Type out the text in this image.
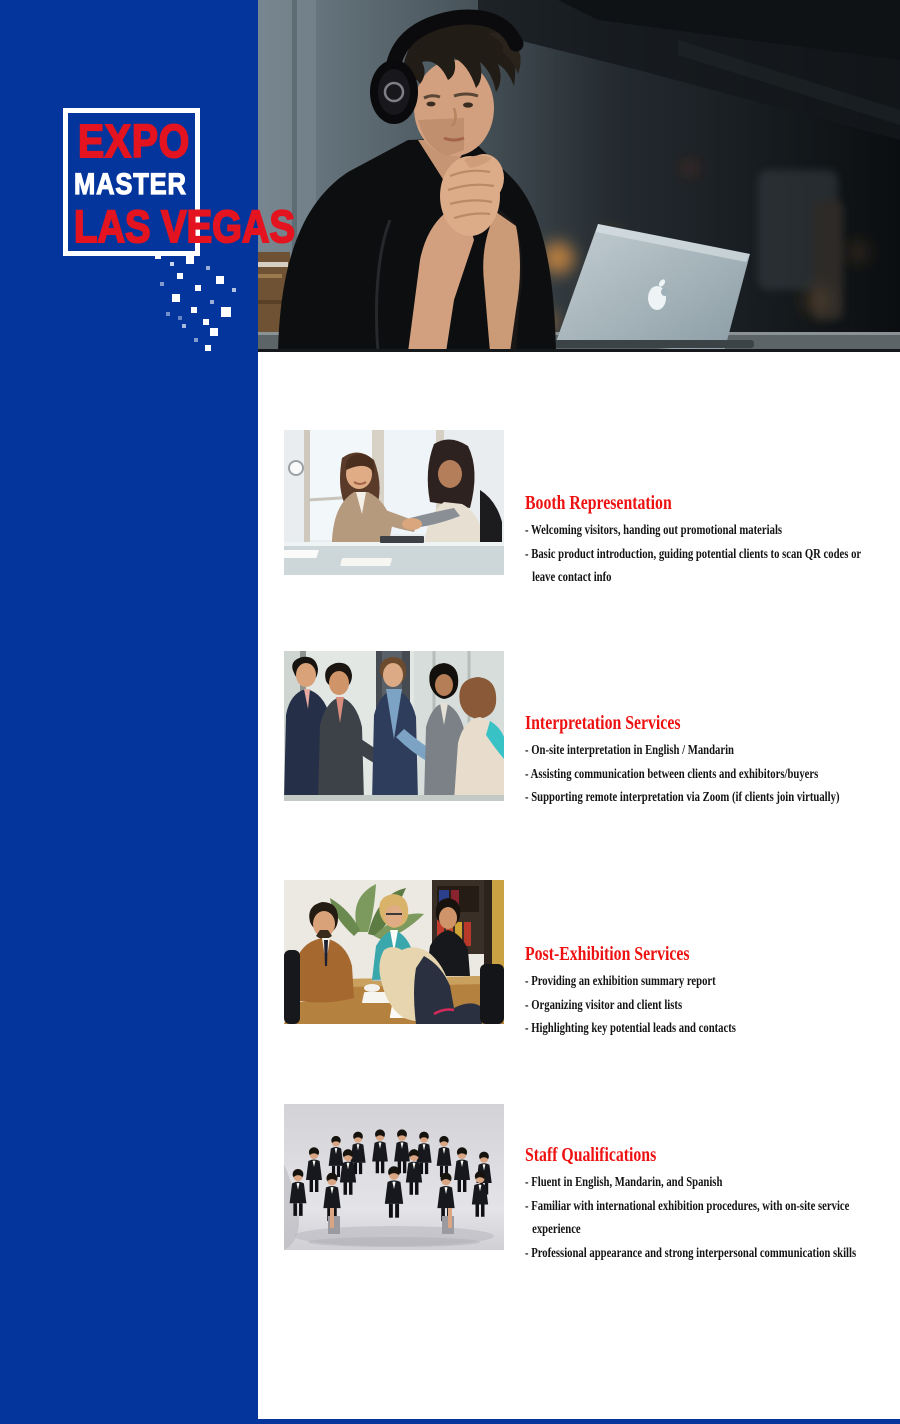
EXPO
MASTER
LAS VEGAS
Booth Representation

- Welcoming visitors, handing out promotional materials

- Basic product introduction, guiding potential clients to scan QR codes or

leave contact info

Interpretation Services

- On-site interpretation in English / Mandarin

- Assisting communication between clients and exhibitors/buyers

- Supporting remote interpretation via Zoom (if clients join virtually)

Post-Exhibition Services

- Providing an exhibition summary report

- Organizing visitor and client lists

- Highlighting key potential leads and contacts

Staff Qualifications

- Fluent in English, Mandarin, and Spanish

- Familiar with international exhibition procedures, with on-site service

experience

- Professional appearance and strong interpersonal communication skills
